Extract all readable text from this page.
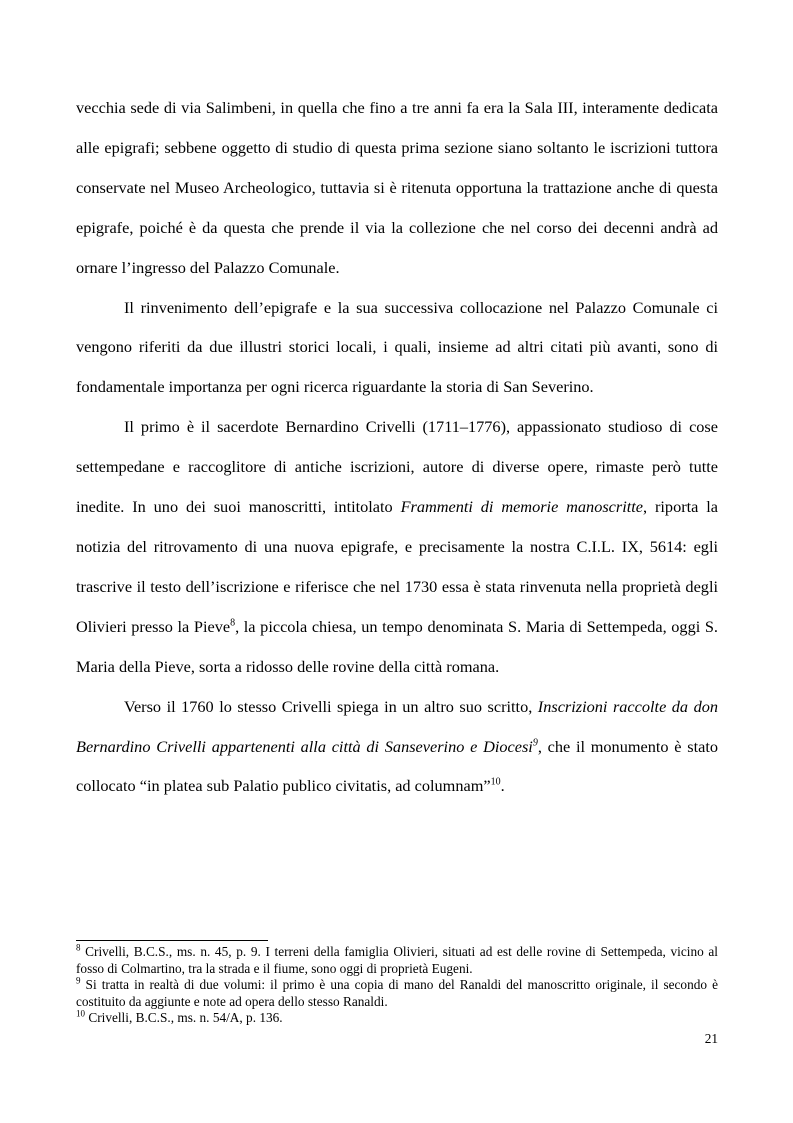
vecchia sede di via Salimbeni, in quella che fino a tre anni fa era la Sala III, interamente dedicata alle epigrafi; sebbene oggetto di studio di questa prima sezione siano soltanto le iscrizioni tuttora conservate nel Museo Archeologico, tuttavia si è ritenuta opportuna la trattazione anche di questa epigrafe, poiché è da questa che prende il via la collezione che nel corso dei decenni andrà ad ornare l’ingresso del Palazzo Comunale.

Il rinvenimento dell’epigrafe e la sua successiva collocazione nel Palazzo Comunale ci vengono riferiti da due illustri storici locali, i quali, insieme ad altri citati più avanti, sono di fondamentale importanza per ogni ricerca riguardante la storia di San Severino.

Il primo è il sacerdote Bernardino Crivelli (1711–1776), appassionato studioso di cose settempedane e raccoglitore di antiche iscrizioni, autore di diverse opere, rimaste però tutte inedite. In uno dei suoi manoscritti, intitolato Frammenti di memorie manoscritte, riporta la notizia del ritrovamento di una nuova epigrafe, e precisamente la nostra C.I.L. IX, 5614: egli trascrive il testo dell’iscrizione e riferisce che nel 1730 essa è stata rinvenuta nella proprietà degli Olivieri presso la Pieve$^8$, la piccola chiesa, un tempo denominata S. Maria di Settempeda, oggi S. Maria della Pieve, sorta a ridosso delle rovine della città romana.

Verso il 1760 lo stesso Crivelli spiega in un altro suo scritto, Inscrizioni raccolte da don Bernardino Crivelli appartenenti alla città di Sanseverino e Diocesi$^9$, che il monumento è stato collocato “in platea sub Palatio publico civitatis, ad columnam”$^{10}$.

$^8$ Crivelli, B.C.S., ms. n. 45, p. 9. I terreni della famiglia Olivieri, situati ad est delle rovine di Settempeda, vicino al fosso di Colmartino, tra la strada e il fiume, sono oggi di proprietà Eugeni.

$^9$ Si tratta in realtà di due volumi: il primo è una copia di mano del Ranaldi del manoscritto originale, il secondo è costituito da aggiunte e note ad opera dello stesso Ranaldi.

$^{10}$ Crivelli, B.C.S., ms. n. 54/A, p. 136.

21
